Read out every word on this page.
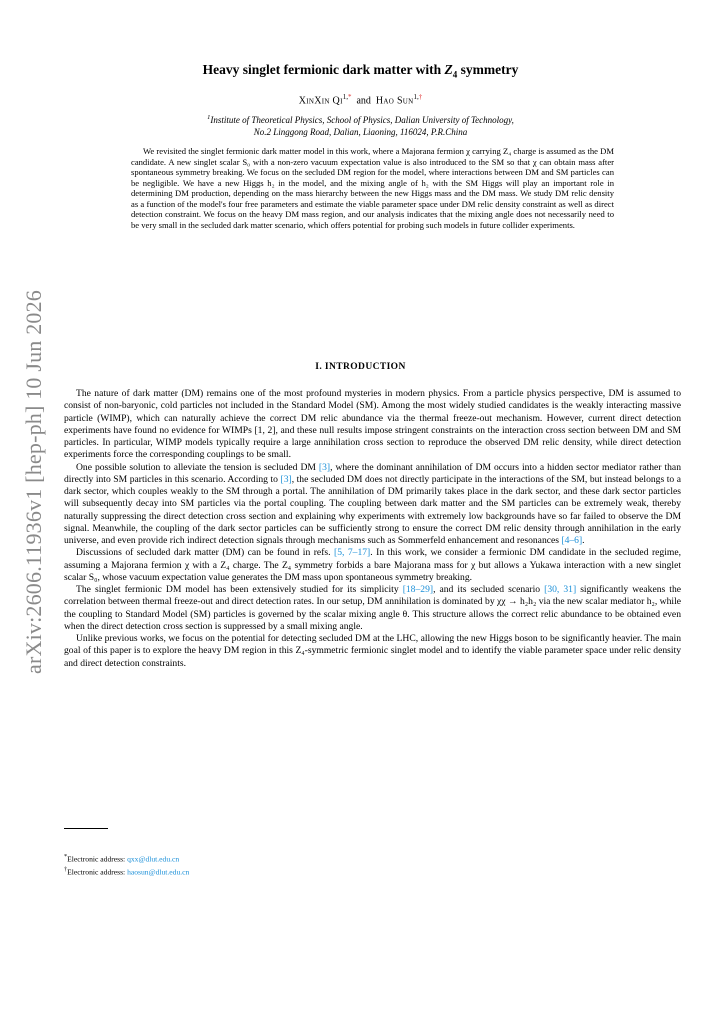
arXiv:2606.11936v1 [hep-ph] 10 Jun 2026
Heavy singlet fermionic dark matter with $Z_4$ symmetry
XinXin $Qi^{1,*}$ and Hao Sun$^{1,\dagger}$
$^1$Institute of Theoretical Physics, School of Physics, Dalian University of Technology,
No.2 Linggong Road, Dalian, Liaoning, 116024, P.R.China

We revisited the singlet fermionic dark matter model in this work, where a Majorana fermion χ carrying Z₄ charge is assumed as the DM candidate. A new singlet scalar S₀ with a non-zero vacuum expectation value is also introduced to the SM so that χ can obtain mass after spontaneous symmetry breaking. We focus on the secluded DM region for the model, where interactions between DM and SM particles can be negligible. We have a new Higgs h₂ in the model, and the mixing angle of h₂ with the SM Higgs will play an important role in determining DM production, depending on the mass hierarchy between the new Higgs mass and the DM mass. We study DM relic density as a function of the model's four free parameters and estimate the viable parameter space under DM relic density constraint as well as direct detection constraint. We focus on the heavy DM mass region, and our analysis indicates that the mixing angle does not necessarily need to be very small in the secluded dark matter scenario, which offers potential for probing such models in future collider experiments.

I. INTRODUCTION

The nature of dark matter (DM) remains one of the most profound mysteries in modern physics. From a particle physics perspective, DM is assumed to consist of non-baryonic, cold particles not included in the Standard Model (SM). Among the most widely studied candidates is the weakly interacting massive particle (WIMP), which can naturally achieve the correct DM relic abundance via the thermal freeze-out mechanism. However, current direct detection experiments have found no evidence for WIMPs [1, 2], and these null results impose stringent constraints on the interaction cross section between DM and SM particles. In particular, WIMP models typically require a large annihilation cross section to reproduce the observed DM relic density, while direct detection experiments force the corresponding couplings to be small.

One possible solution to alleviate the tension is secluded DM [3], where the dominant annihilation of DM occurs into a hidden sector mediator rather than directly into SM particles in this scenario. According to [3], the secluded DM does not directly participate in the interactions of the SM, but instead belongs to a dark sector, which couples weakly to the SM through a portal. The annihilation of DM primarily takes place in the dark sector, and these dark sector particles will subsequently decay into SM particles via the portal coupling. The coupling between dark matter and the SM particles can be extremely weak, thereby naturally suppressing the direct detection cross section and explaining why experiments with extremely low backgrounds have so far failed to observe the DM signal. Meanwhile, the coupling of the dark sector particles can be sufficiently strong to ensure the correct DM relic density through annihilation in the early universe, and even provide rich indirect detection signals through mechanisms such as Sommerfeld enhancement and resonances [4–6].

Discussions of secluded dark matter (DM) can be found in refs. [5, 7–17]. In this work, we consider a fermionic DM candidate in the secluded regime, assuming a Majorana fermion χ with a Z₄ charge. The Z₄ symmetry forbids a bare Majorana mass for χ but allows a Yukawa interaction with a new singlet scalar S₀, whose vacuum expectation value generates the DM mass upon spontaneous symmetry breaking.

The singlet fermionic DM model has been extensively studied for its simplicity [18–29], and its secluded scenario [30, 31] significantly weakens the correlation between thermal freeze-out and direct detection rates. In our setup, DM annihilation is dominated by χχ → h₂h₂ via the new scalar mediator h₂, while the coupling to Standard Model (SM) particles is governed by the scalar mixing angle θ. This structure allows the correct relic abundance to be obtained even when the direct detection cross section is suppressed by a small mixing angle.

Unlike previous works, we focus on the potential for detecting secluded DM at the LHC, allowing the new Higgs boson to be significantly heavier. The main goal of this paper is to explore the heavy DM region in this Z₄-symmetric fermionic singlet model and to identify the viable parameter space under relic density and direct detection constraints.

*Electronic address: qxx@dlut.edu.cn
†Electronic address: haosun@dlut.edu.cn
